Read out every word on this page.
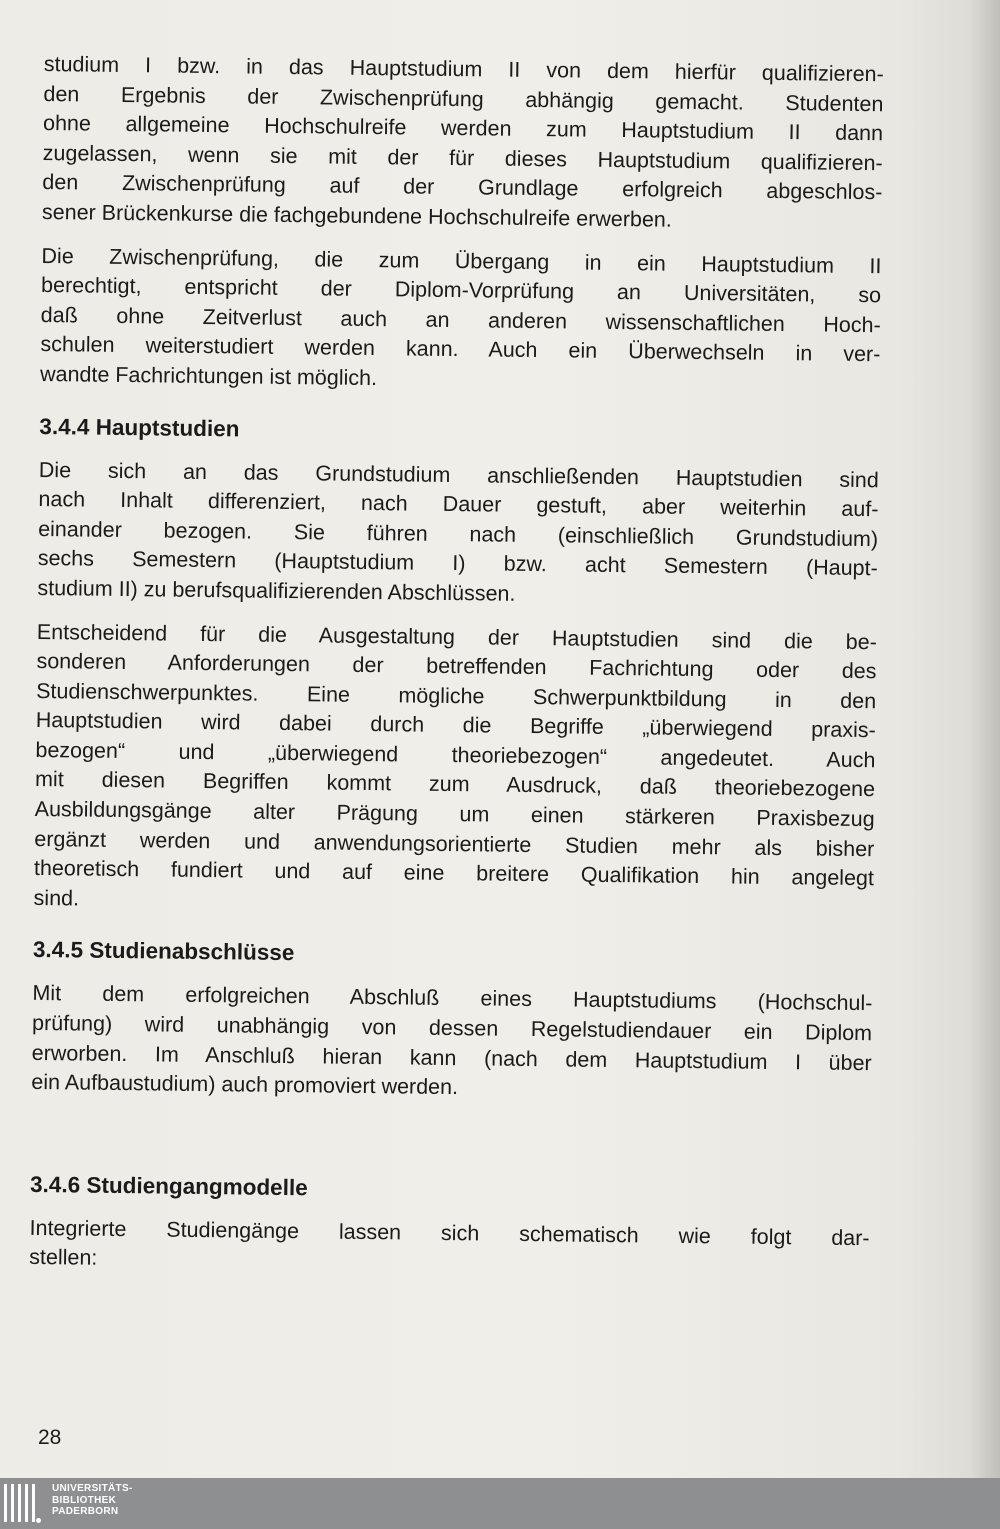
studium I bzw. in das Hauptstudium II von dem hierfür qualifizieren-
den Ergebnis der Zwischenprüfung abhängig gemacht. Studenten
ohne allgemeine Hochschulreife werden zum Hauptstudium II dann
zugelassen, wenn sie mit der für dieses Hauptstudium qualifizieren-
den Zwischenprüfung auf der Grundlage erfolgreich abgeschlos-
sener Brückenkurse die fachgebundene Hochschulreife erwerben.

Die Zwischenprüfung, die zum Übergang in ein Hauptstudium II
berechtigt, entspricht der Diplom-Vorprüfung an Universitäten, so
daß ohne Zeitverlust auch an anderen wissenschaftlichen Hoch-
schulen weiterstudiert werden kann. Auch ein Überwechseln in ver-
wandte Fachrichtungen ist möglich.

3.4.4 Hauptstudien

Die sich an das Grundstudium anschließenden Hauptstudien sind
nach Inhalt differenziert, nach Dauer gestuft, aber weiterhin auf-
einander bezogen. Sie führen nach (einschließlich Grundstudium)
sechs Semestern (Hauptstudium I) bzw. acht Semestern (Haupt-
studium II) zu berufsqualifizierenden Abschlüssen.

Entscheidend für die Ausgestaltung der Hauptstudien sind die be-
sonderen Anforderungen der betreffenden Fachrichtung oder des
Studienschwerpunktes. Eine mögliche Schwerpunktbildung in den
Hauptstudien wird dabei durch die Begriffe „überwiegend praxis-
bezogen“ und „überwiegend theoriebezogen“ angedeutet. Auch
mit diesen Begriffen kommt zum Ausdruck, daß theoriebezogene
Ausbildungsgänge alter Prägung um einen stärkeren Praxisbezug
ergänzt werden und anwendungsorientierte Studien mehr als bisher
theoretisch fundiert und auf eine breitere Qualifikation hin angelegt
sind.

3.4.5 Studienabschlüsse

Mit dem erfolgreichen Abschluß eines Hauptstudiums (Hochschul-
prüfung) wird unabhängig von dessen Regelstudiendauer ein Diplom
erworben. Im Anschluß hieran kann (nach dem Hauptstudium I über
ein Aufbaustudium) auch promoviert werden.

3.4.6 Studiengangmodelle

Integrierte Studiengänge lassen sich schematisch wie folgt dar-
stellen:

28
UNIVERSITÄTS-
BIBLIOTHEK
PADERBORN
